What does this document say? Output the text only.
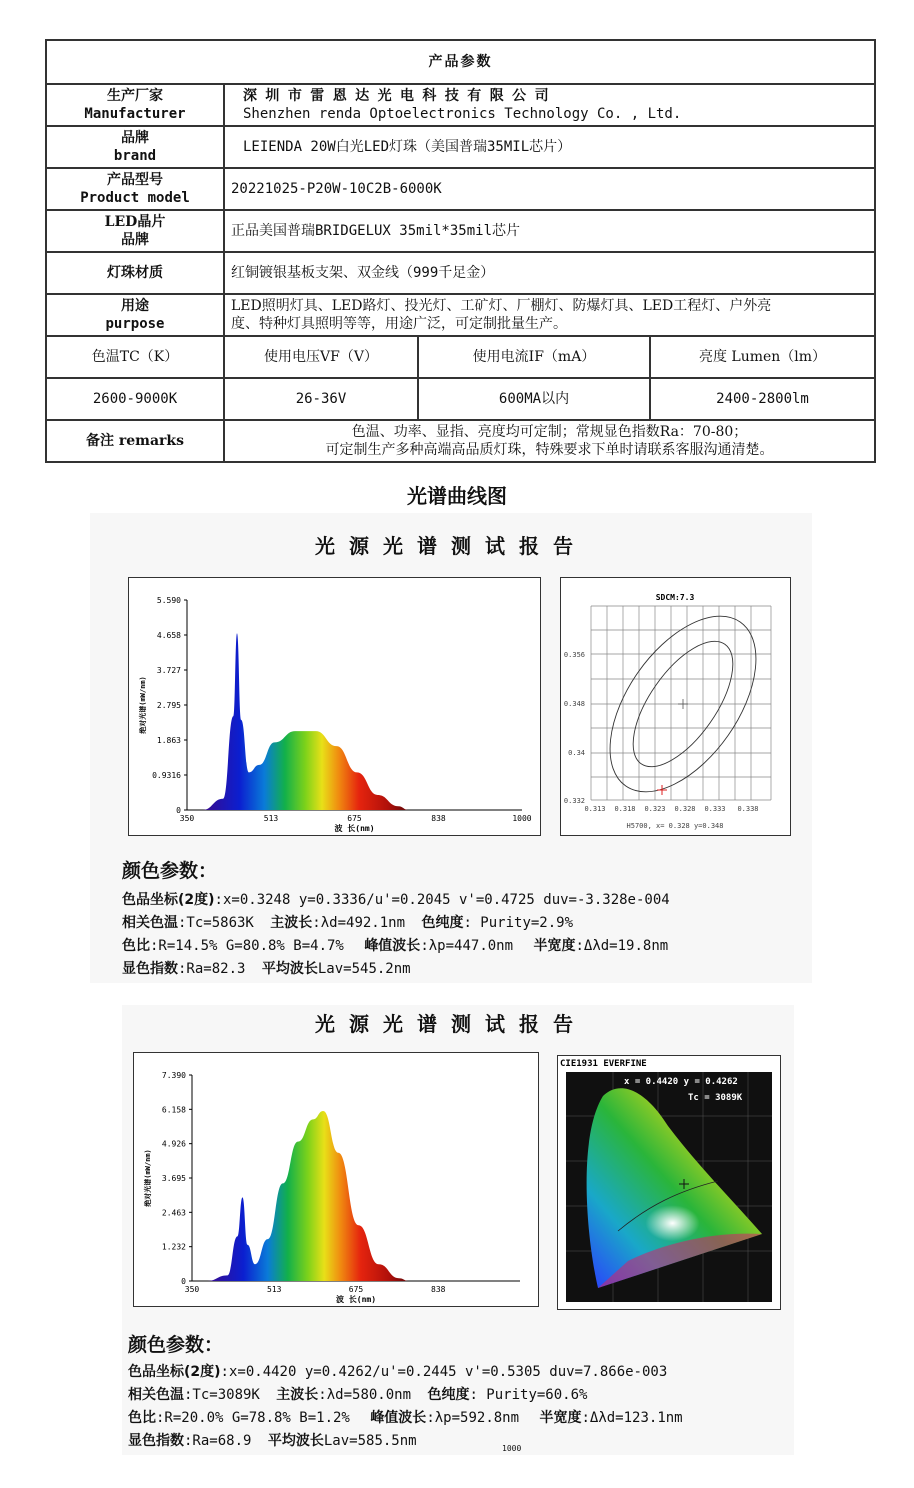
产品参数			

生产厂家
Manufacturer	深 圳 市 雷 恩 达 光 电 科 技 有 限 公 司
Shenzhen renda Optoelectronics Technology Co. , Ltd.		

品牌
brand	LEIENDA 20W白光LED灯珠（美国普瑞35MIL芯片）		

产品型号
Product model	20221025-P20W-10C2B-6000K		

LED晶片
品牌	正品美国普瑞BRIDGELUX 35mil*35mil芯片		
灯珠材质	红铜镀银基板支架、双金线（999千足金）		

用途
purpose	LED照明灯具、LED路灯、投光灯、工矿灯、厂棚灯、防爆灯具、LED工程灯、户外亮
度、特种灯具照明等等，用途广泛，可定制批量生产。		

色温TC（K）	使用电压VF（V）	使用电流IF（mA）	亮度 Lumen（lm）
2600-9000K	26-36V	600MA以内	2400-2800lm
备注 remarks	色温、功率、显指、亮度均可定制；常规显色指数Ra：70-80；
可定制生产多种高端高品质灯珠，特殊要求下单时请联系客服沟通清楚。		
光谱曲线图
光源光谱测试报告
0
0.9316
1.863
2.795
3.727
4.658
5.590
350	513	675	838	1000
波 长(nm)
绝对光谱(mW/nm)
SDCM:7.3
0.356
0.348
0.34
0.332
0.313 0.318 0.323 0.328 0.333 0.338
H5700, x= 0.328 y=0.348
颜色参数：
色品坐标(2度):x=0.3248 y=0.3336/u'=0.2045 v'=0.4725 duv=-3.328e-004
相关色温:Tc=5863K 主波长:λd=492.1nm 色纯度: Purity=2.9%
色比:R=14.5% G=80.8% B=4.7% 峰值波长:λp=447.0nm 半宽度:Δλd=19.8nm
显色指数:Ra=82.3 平均波长Lav=545.2nm
光源光谱测试报告
0
1.232
2.463
3.695
4.926
6.158
7.390
350	513	675	838
波 长(nm)
绝对光谱(mW/nm)
CIE1931 EVERFINE
x = 0.4420 y = 0.4262
Tc = 3089K
颜色参数：
色品坐标(2度):x=0.4420 y=0.4262/u'=0.2445 v'=0.5305 duv=7.866e-003
相关色温:Tc=3089K 主波长:λd=580.0nm 色纯度: Purity=60.6%
色比:R=20.0% G=78.8% B=1.2% 峰值波长:λp=592.8nm 半宽度:Δλd=123.1nm
显色指数:Ra=68.9 平均波长Lav=585.5nm	1000
